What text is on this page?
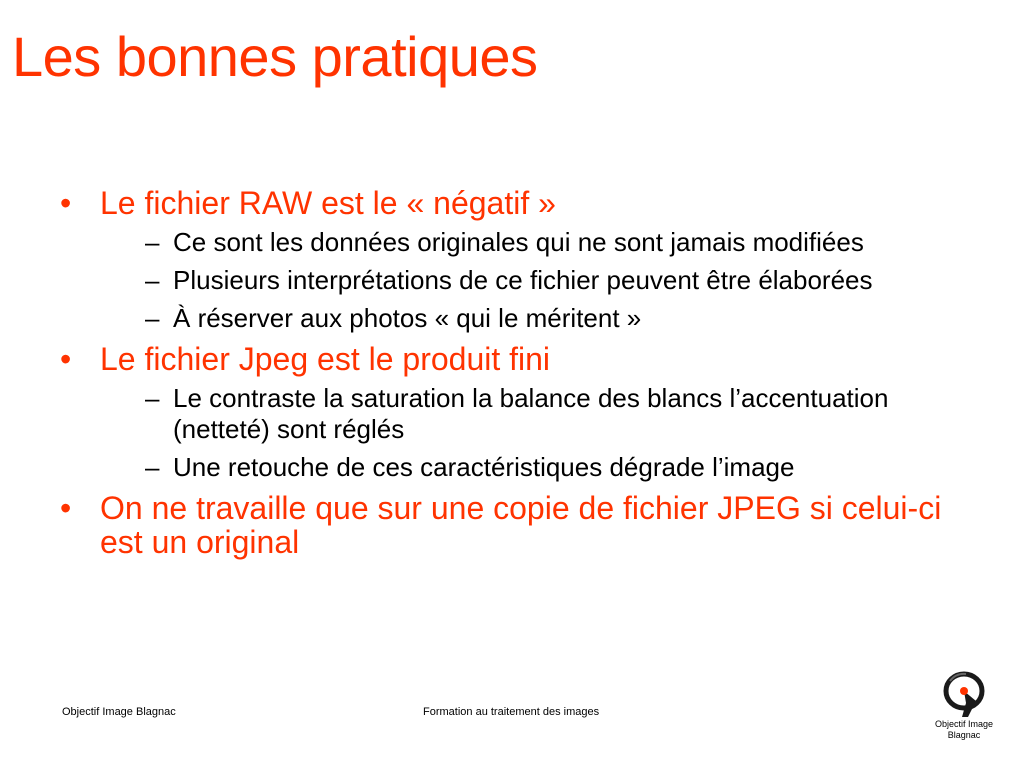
Les bonnes pratiques
• Le fichier RAW est le « négatif »
– Ce sont les données originales qui ne sont jamais modifiées
– Plusieurs interprétations de ce fichier peuvent être élaborées
– À réserver aux photos « qui le méritent »
• Le fichier Jpeg est le produit fini
– Le contraste la saturation la balance des blancs l’accentuation (netteté) sont réglés
– Une retouche de ces caractéristiques dégrade l’image
• On ne travaille que sur une copie de fichier JPEG si celui-ci est un original
Objectif Image Blagnac	Formation au traitement des images
Objectif Image
Blagnac
